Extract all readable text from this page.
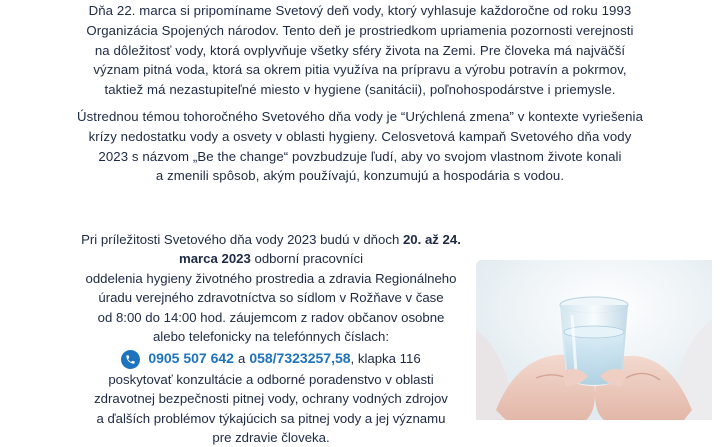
Dňa 22. marca si pripomíname Svetový deň vody, ktorý vyhlasuje každoročne od roku 1993

Organizácia Spojených národov. Tento deň je prostriedkom upriamenia pozornosti verejnosti

na dôležitosť vody, ktorá ovplyvňuje všetky sféry života na Zemi. Pre človeka má najväčší

význam pitná voda, ktorá sa okrem pitia využíva na prípravu a výrobu potravín a pokrmov,

taktiež má nezastupiteľné miesto v hygiene (sanitácii), poľnohospodárstve i priemysle.

Ústrednou témou tohoročného Svetového dňa vody je “Urýchlená zmena” v kontexte vyriešenia

krízy nedostatku vody a osvety v oblasti hygieny. Celosvetová kampaň Svetového dňa vody

2023 s názvom „Be the change“ povzbudzuje ľudí, aby vo svojom vlastnom živote konali

a zmenili spôsob, akým používajú, konzumujú a hospodária s vodou.

Pri príležitosti Svetového dňa vody 2023 budú v dňoch 20. až 24. marca 2023 odborní pracovníci

oddelenia hygieny životného prostredia a zdravia Regionálneho

úradu verejného zdravotníctva so sídlom v Rožňave v čase

od 8:00 do 14:00 hod. záujemcom z radov občanov osobne

alebo telefonicky na telefónnych číslach:

0905 507 642 a 058/7323257,58 , klapka 116

poskytovať konzultácie a odborné poradenstvo v oblasti

zdravotnej bezpečnosti pitnej vody, ochrany vodných zdrojov

a ďalších problémov týkajúcich sa pitnej vody a jej významu

pre zdravie človeka.
